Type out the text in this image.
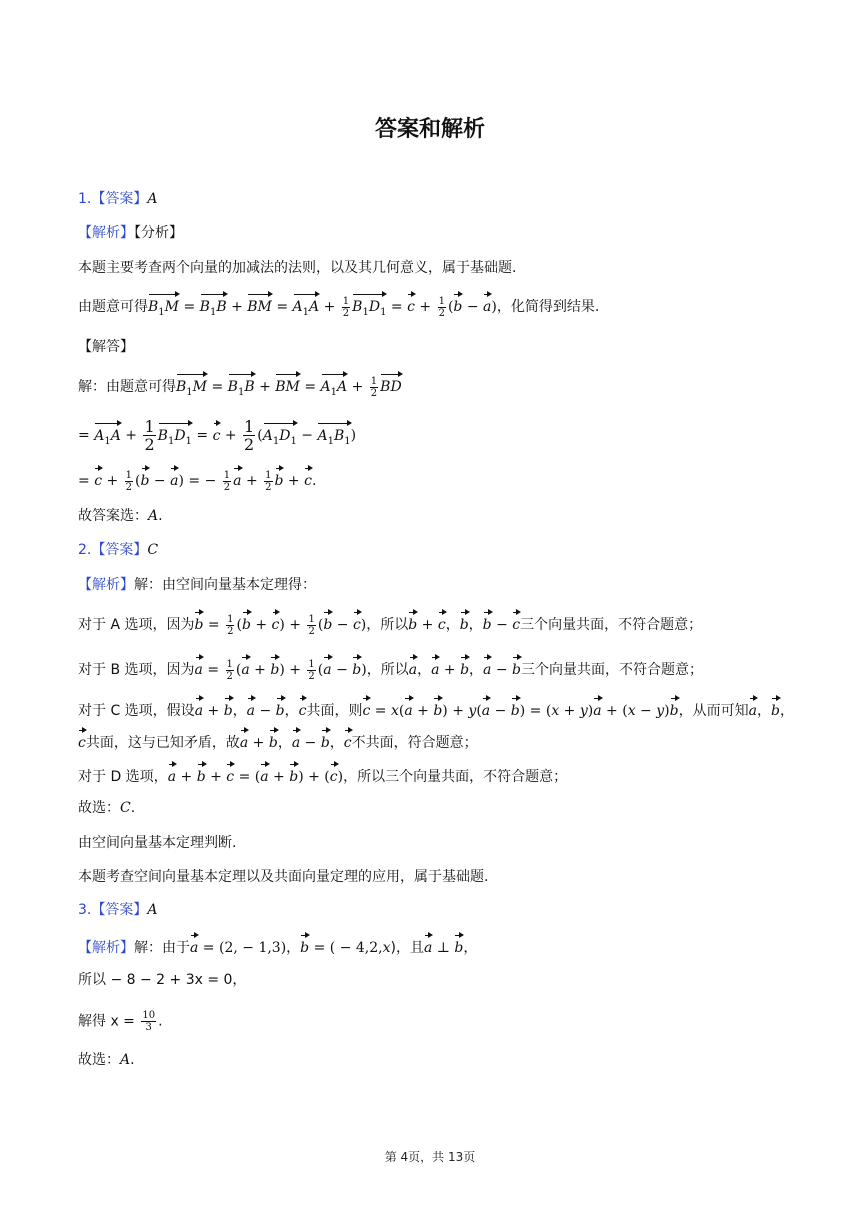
答案和解析
1.【答案】A
【解析】【分析】
本题主要考查两个向量的加减法的法则，以及其几何意义，属于基础题.
由题意可得$B_1M = B_1B$ + BM = $A_1A + \frac{1}{2} B_1D_1 = c + \frac{1}{2} (b - a)$，化简得到结果.
【解答】
解：由题意可得$B_1M = B_1B$ + BM = $A_1A + \frac{1}{2}$ BD
= $A_1A + \frac{1}{2} B_1D_1 = c + \frac{1}{2} (A_1D_1 - A_1B_1)$
= $c + \frac{1}{2} (b - a)$ = − $\frac{1}{2}$ $a + \frac{1}{2}$ b + c.
故答案选：A.
2.【答案】C
【解析】解：由空间向量基本定理得：
对于 A 选项，因为$b = \frac{1}{2} (b + c) + \frac{1}{2} (b - c)$，所以b + c，b，b − c三个向量共面，不符合题意；
对于 B 选项，因为$a = \frac{1}{2} (a + b) + \frac{1}{2} (a - b)$，所以a，a + b，a − b三个向量共面，不符合题意；
对于 C 选项，假设a + b，a − b，c共面，则c = x(a + b) + y(a − b) = (x + y)a + (x − y)b，从而可知a，b，
c共面，这与已知矛盾，故a + b，a − b，c不共面，符合题意；
对于 D 选项，a + b + c = (a + b) + (c)，所以三个向量共面，不符合题意；
故选：C.
由空间向量基本定理判断.
本题考查空间向量基本定理以及共面向量定理的应用，属于基础题.
3.【答案】A
【解析】解：由于a = (2, − 1,3)，b = ( − 4,2,x)，且a ⊥ b，
所以 − 8 − 2 + 3x = 0，
解得 $x = \frac{10}{3}$ .
故选：A.
第 4页，共 13页
